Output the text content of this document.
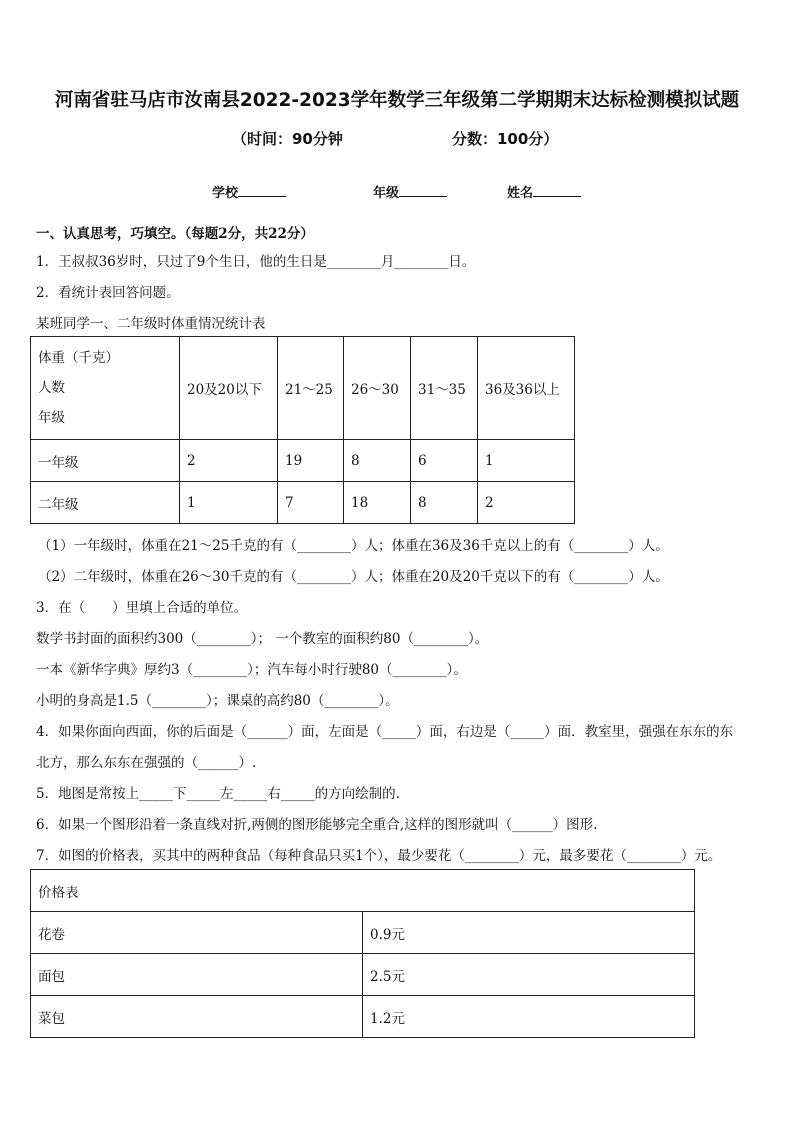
河南省驻马店市汝南县2022-2023学年数学三年级第二学期期末达标检测模拟试题
（时间：90分钟	分数：100分）
学校	年级	姓名
一、认真思考，巧填空。（每题2分，共22分）
1．王叔叔36岁时，只过了9个生日，他的生日是________月________日。
2．看统计表回答问题。
某班同学一、二年级时体重情况统计表
体重（千克）
人数
年级	20及20以下	21～25	26～30	31～35	36及36以上
一年级	2	19	8	6	1
二年级	1	7	18	8	2
（1）一年级时，体重在21～25千克的有（________）人；体重在36及36千克以上的有（________）人。
（2）二年级时，体重在26～30千克的有（________）人；体重在20及20千克以下的有（________）人。
3．在（　　）里填上合适的单位。
数学书封面的面积约300（________）； 一个教室的面积约80（________）。
一本《新华字典》厚约3（________）；汽车每小时行驶80（________）。
小明的身高是1.5（________）；课桌的高约80（________）。
4．如果你面向西面，你的后面是（______）面，左面是（_____）面，右边是（_____）面．教室里，强强在东东的东
北方，那么东东在强强的（______）.
5．地图是常按上_____下_____左_____右_____的方向绘制的.
6．如果一个图形沿着一条直线对折,两侧的图形能够完全重合,这样的图形就叫（______）图形.
7．如图的价格表，买其中的两种食品（每种食品只买1个），最少要花（________）元，最多要花（________）元。
价格表	
花卷	0.9元
面包	2.5元
菜包	1.2元
